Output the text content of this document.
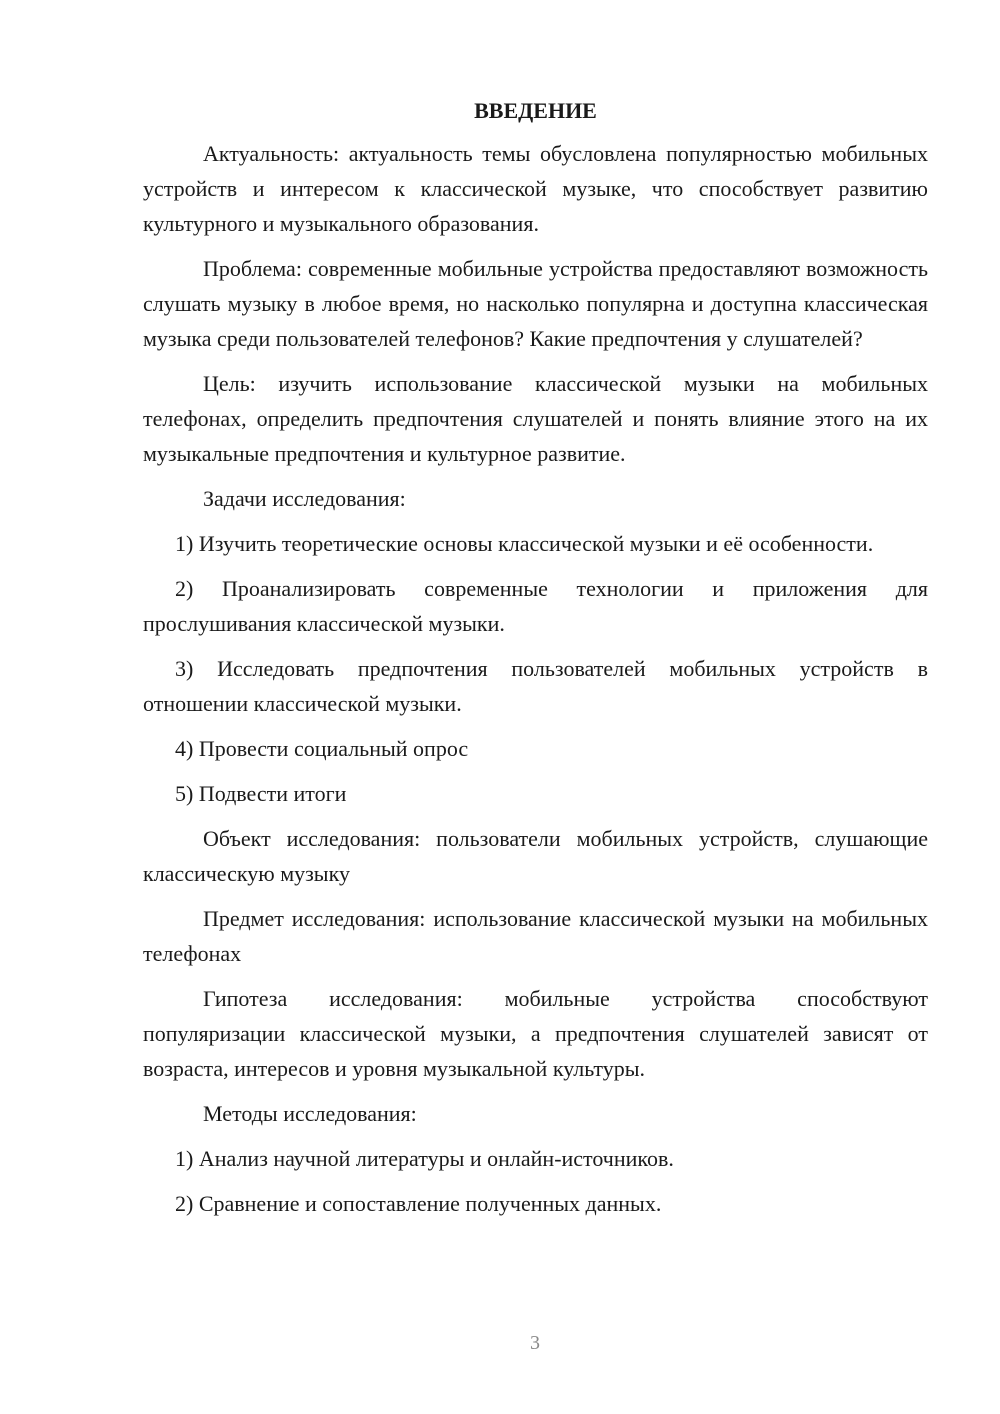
ВВЕДЕНИЕ

Актуальность: актуальность темы обусловлена популярностью мобильных устройств и интересом к классической музыке, что способствует развитию культурного и музыкального образования.

Проблема: современные мобильные устройства предоставляют возможность слушать музыку в любое время, но насколько популярна и доступна классическая музыка среди пользователей телефонов? Какие предпочтения у слушателей?

Цель: изучить использование классической музыки на мобильных телефонах, определить предпочтения слушателей и понять влияние этого на их музыкальные предпочтения и культурное развитие.

Задачи исследования:

1) Изучить теоретические основы классической музыки и её особенности.

2) Проанализировать современные технологии и приложения для прослушивания классической музыки.

3) Исследовать предпочтения пользователей мобильных устройств в отношении классической музыки.

4) Провести социальный опрос

5) Подвести итоги

Объект исследования: пользователи мобильных устройств, слушающие классическую музыку

Предмет исследования: использование классической музыки на мобильных телефонах

Гипотеза исследования: мобильные устройства способствуют популяризации классической музыки, а предпочтения слушателей зависят от возраста, интересов и уровня музыкальной культуры.

Методы исследования:

1) Анализ научной литературы и онлайн-источников.

2) Сравнение и сопоставление полученных данных.

3
